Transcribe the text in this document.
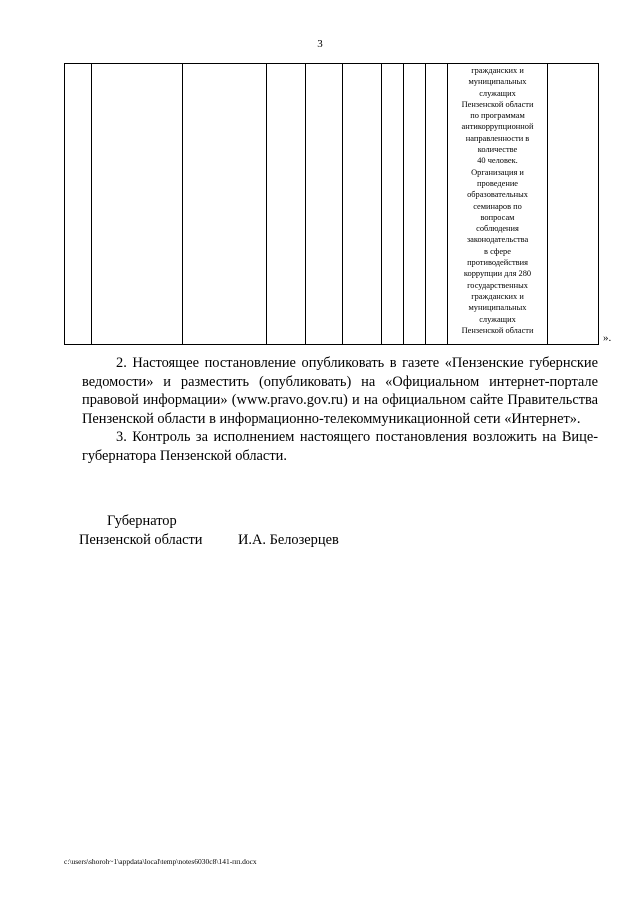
3

гражданских и
муниципальных
служащих
Пензенской области
по программам
антикоррупционной
направленности в
количестве
40 человек.
Организация и
проведение
образовательных
семинаров по
вопросам
соблюдения
законодательства
в сфере
противодействия
коррупции для 280
государственных
гражданских и
муниципальных
служащих
Пензенской области

».

2. Настоящее постановление опубликовать в газете «Пензенские губернские ведомости» и разместить (опубликовать) на «Официальном интернет-портале правовой информации» (www.pravo.gov.ru) и на официальном сайте Правительства Пензенской области в информационно-телекоммуникационной сети «Интернет».

3. Контроль за исполнением настоящего постановления возложить на Вице-губернатора Пензенской области.

Губернатор
Пензенской области И.А. Белозерцев
c:\users\shoroh~1\appdata\local\temp\notes6030c8\141-пп.docx
